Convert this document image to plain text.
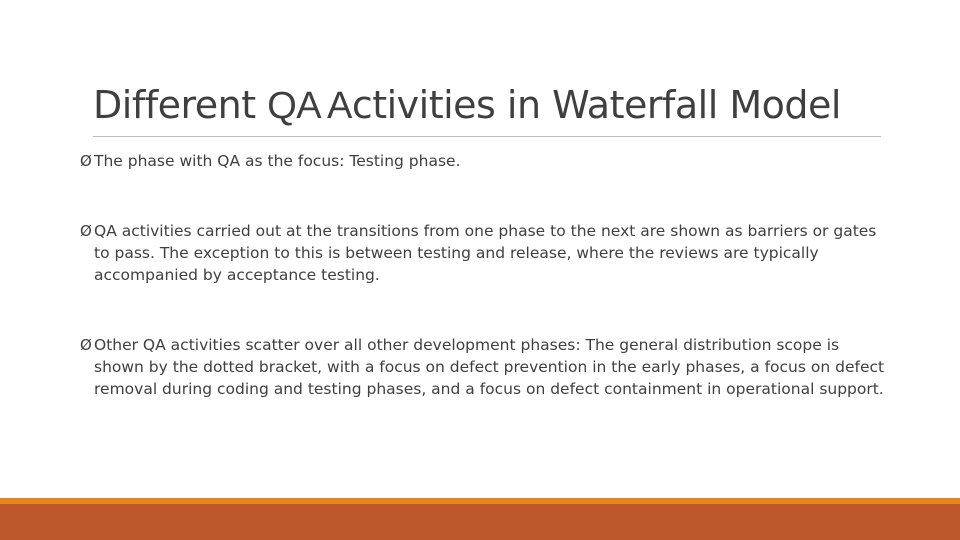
Different QA Activities in Waterfall Model
Ø The phase with QA as the focus: Testing phase.
Ø QA activities carried out at the transitions from one phase to the next are shown as barriers or gates to pass. The exception to this is between testing and release, where the reviews are typically accompanied by acceptance testing.
Ø Other QA activities scatter over all other development phases: The general distribution scope is shown by the dotted bracket, with a focus on defect prevention in the early phases, a focus on defect removal during coding and testing phases, and a focus on defect containment in operational support.
